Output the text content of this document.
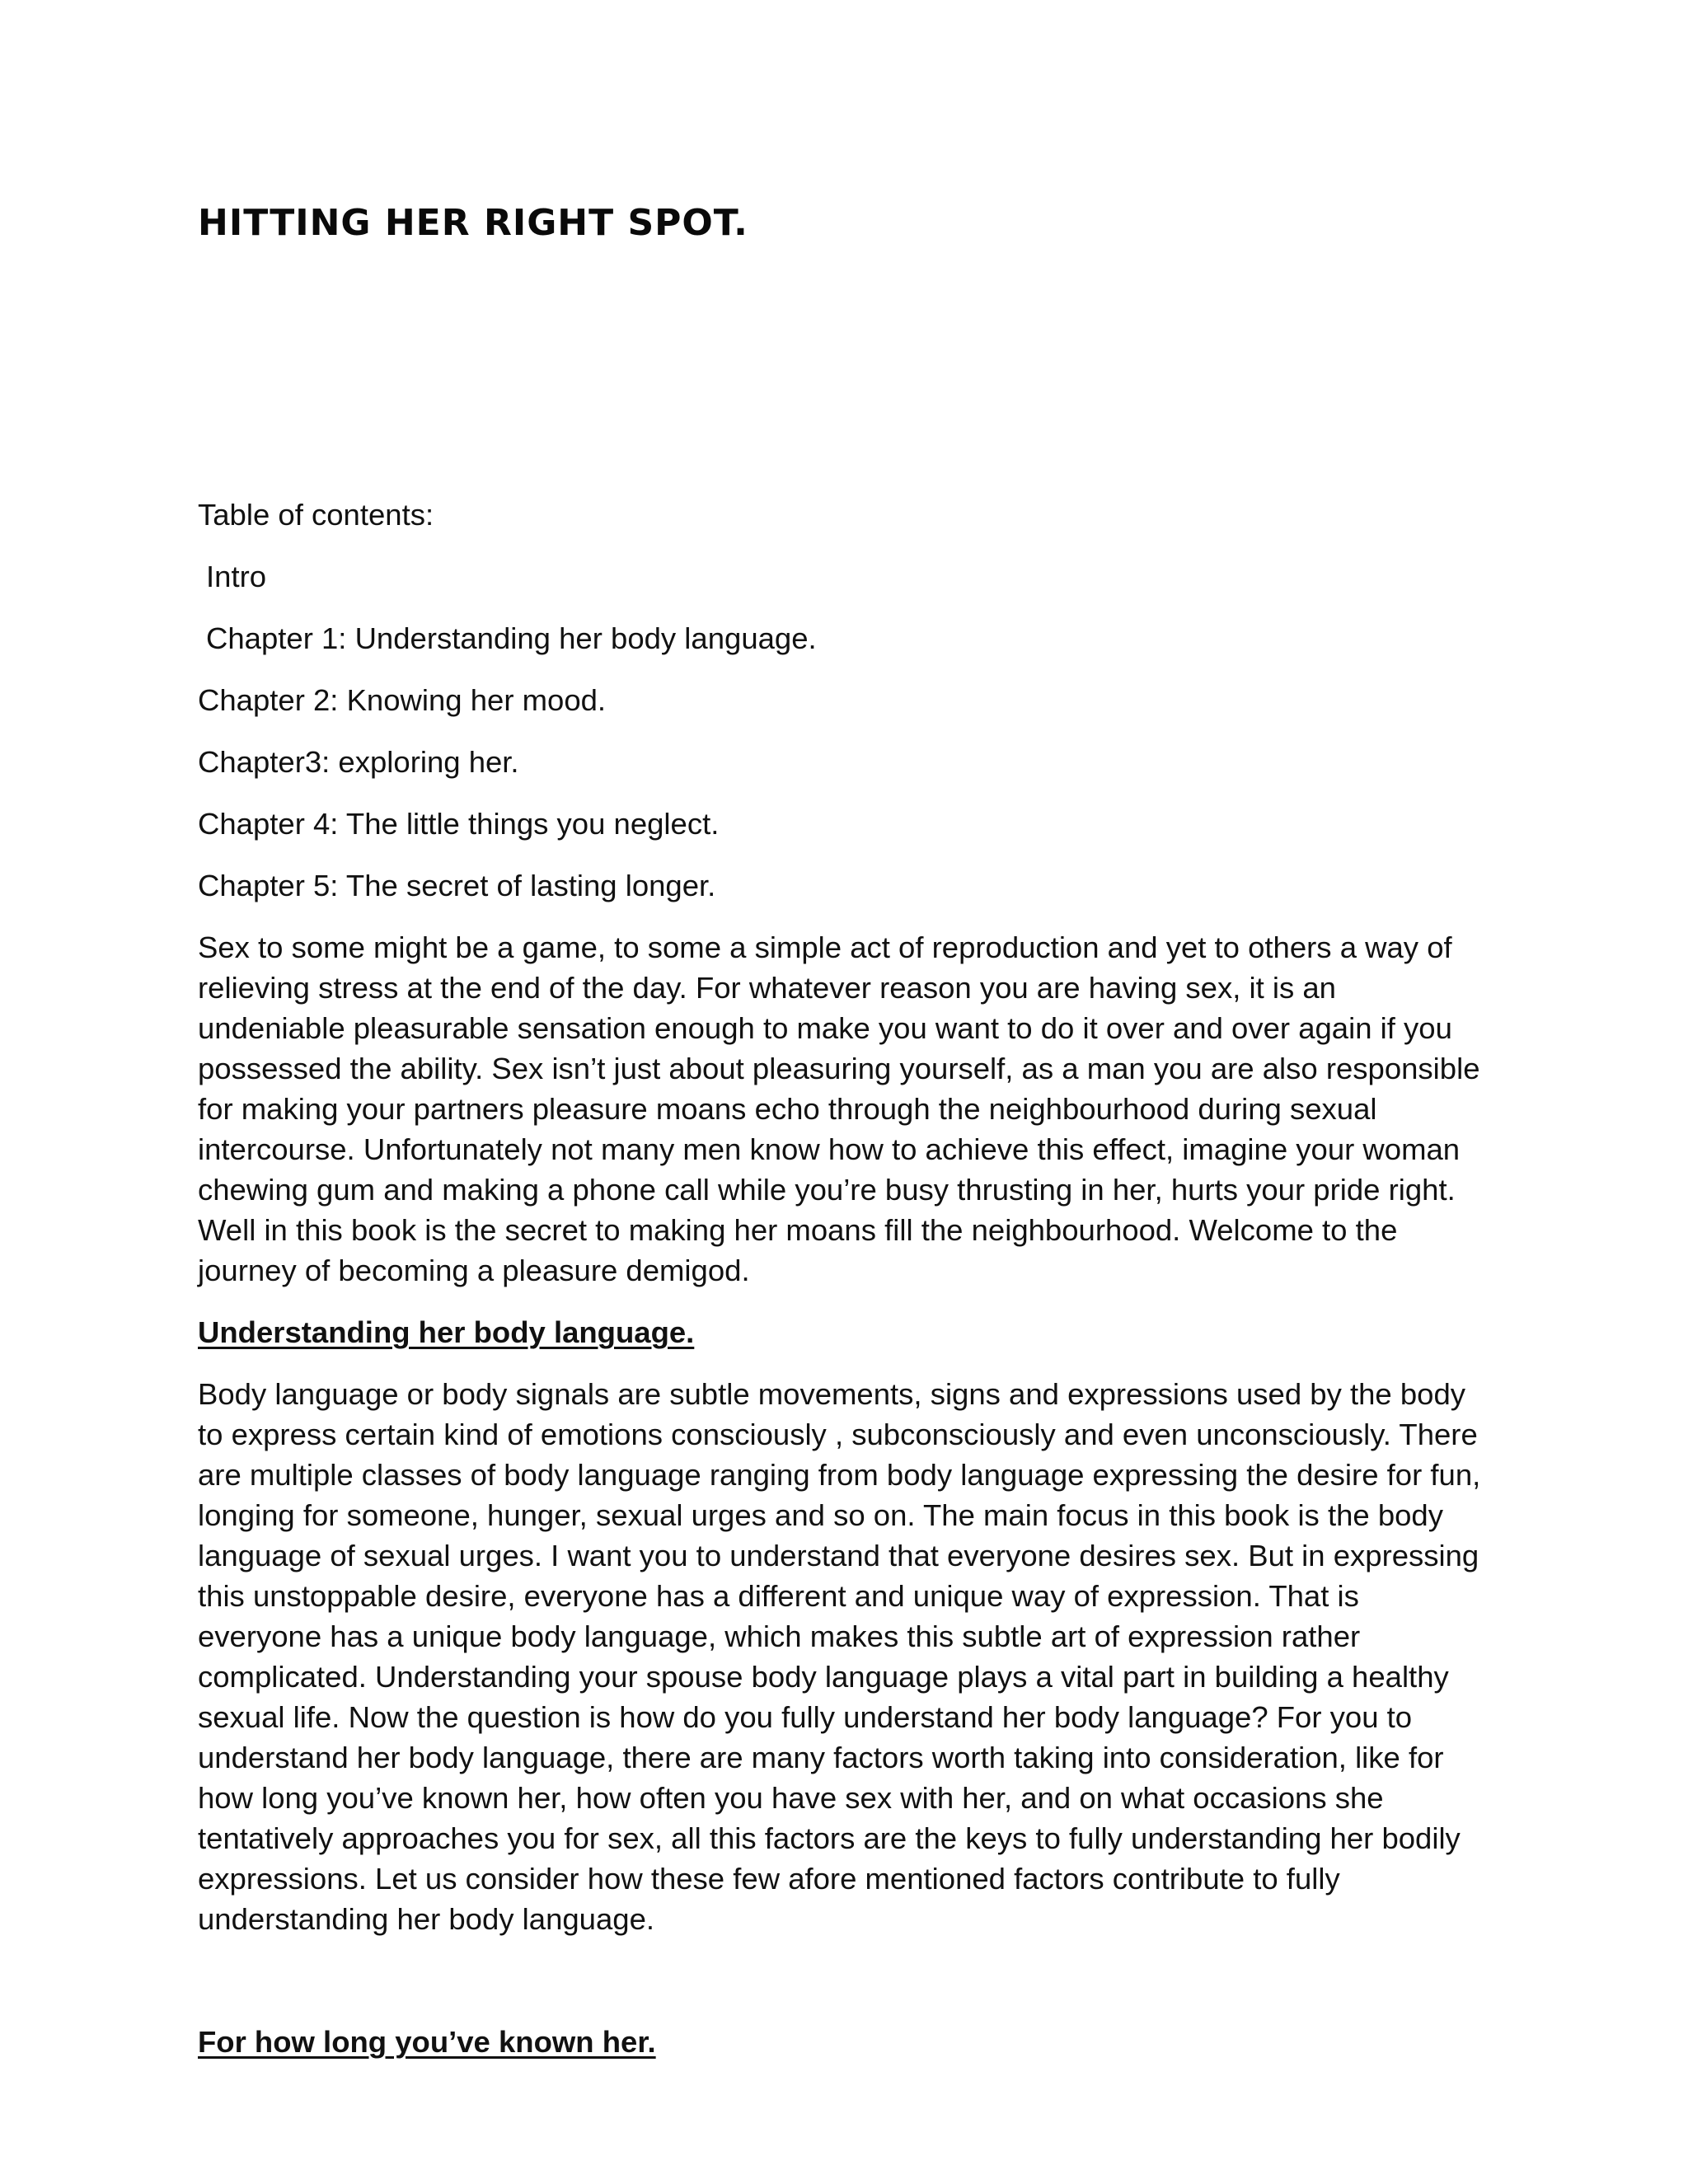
HITTING HER RIGHT SPOT.

Table of contents:

Intro

Chapter 1: Understanding her body language.

Chapter 2: Knowing her mood.

Chapter3: exploring her.

Chapter 4: The little things you neglect.

Chapter 5: The secret of lasting longer.

Sex to some might be a game, to some a simple act of reproduction and yet to others a way of relieving stress at the end of the day. For whatever reason you are having sex, it is an undeniable pleasurable sensation enough to make you want to do it over and over again if you possessed the ability. Sex isn’t just about pleasuring yourself, as a man you are also responsible for making your partners pleasure moans echo through the neighbourhood during sexual intercourse. Unfortunately not many men know how to achieve this effect, imagine your woman chewing gum and making a phone call while you’re busy thrusting in her, hurts your pride right. Well in this book is the secret to making her moans fill the neighbourhood. Welcome to the journey of becoming a pleasure demigod.

Understanding her body language.

Body language or body signals are subtle movements, signs and expressions used by the body to express certain kind of emotions consciously , subconsciously and even unconsciously. There are multiple classes of body language ranging from body language expressing the desire for fun, longing for someone, hunger, sexual urges and so on. The main focus in this book is the body language of sexual urges. I want you to understand that everyone desires sex. But in expressing this unstoppable desire, everyone has a different and unique way of expression. That is everyone has a unique body language, which makes this subtle art of expression rather complicated. Understanding your spouse body language plays a vital part in building a healthy sexual life. Now the question is how do you fully understand her body language? For you to understand her body language, there are many factors worth taking into consideration, like for how long you’ve known her, how often you have sex with her, and on what occasions she tentatively approaches you for sex, all this factors are the keys to fully understanding her bodily expressions. Let us consider how these few afore mentioned factors contribute to fully understanding her body language.

For how long you’ve known her.
